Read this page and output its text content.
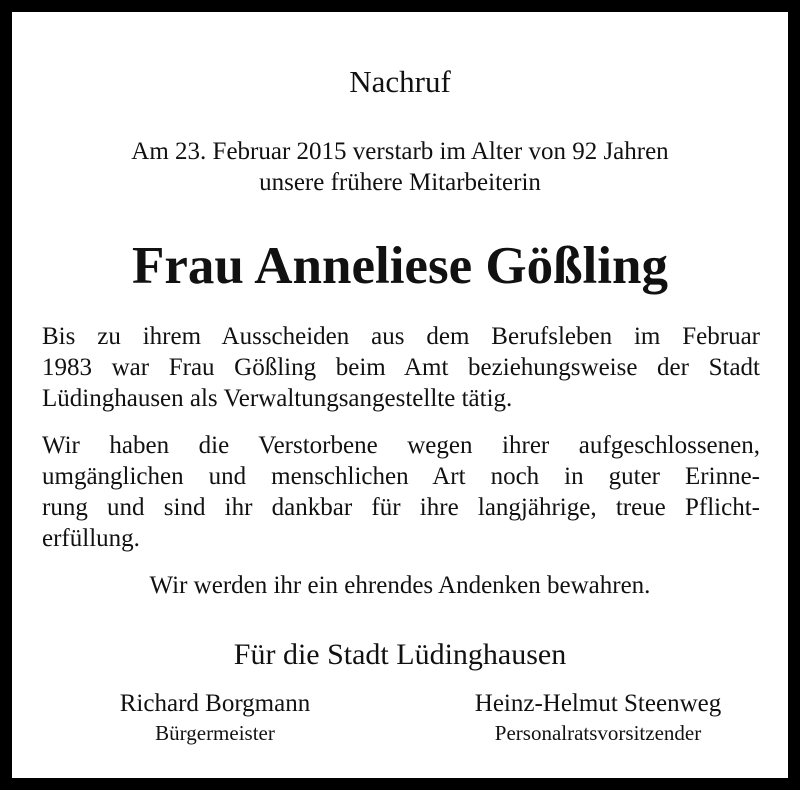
Nachruf
Am 23. Februar 2015 verstarb im Alter von 92 Jahren
unsere frühere Mitarbeiterin
Frau Anneliese Gößling
Bis zu ihrem Ausscheiden aus dem Berufsleben im Februar
1983 war Frau Gößling beim Amt beziehungsweise der Stadt
Lüdinghausen als Verwaltungsangestellte tätig.
Wir haben die Verstorbene wegen ihrer aufgeschlossenen,
umgänglichen und menschlichen Art noch in guter Erinne-
rung und sind ihr dankbar für ihre langjährige, treue Pflicht-
erfüllung.
Wir werden ihr ein ehrendes Andenken bewahren.
Für die Stadt Lüdinghausen
Richard Borgmann
Bürgermeister
Heinz-Helmut Steenweg
Personalratsvorsitzender
